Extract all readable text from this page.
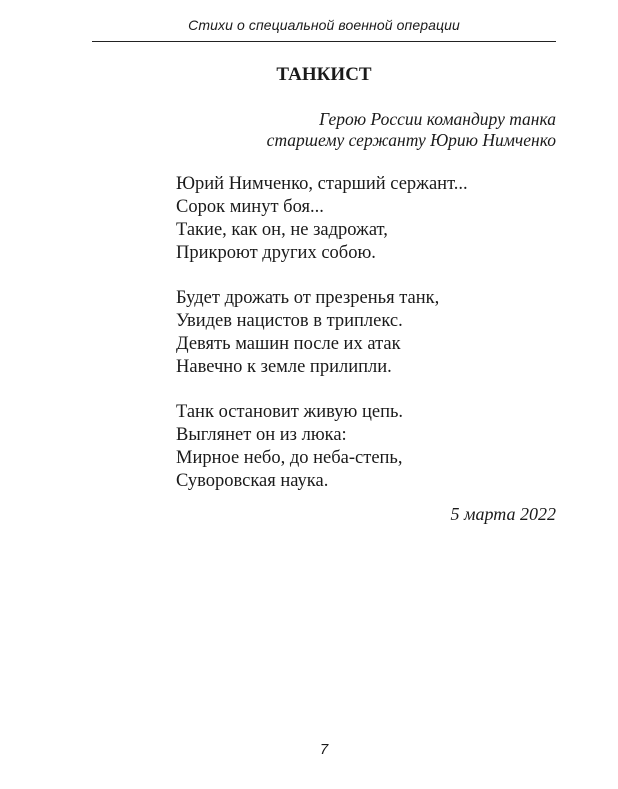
Стихи о специальной военной операции
ТАНКИСТ
Герою России командиру танка
старшему сержанту Юрию Нимченко
Юрий Нимченко, старший сержант...
Сорок минут боя...
Такие, как он, не задрожат,
Прикроют других собою.
Будет дрожать от презренья танк,
Увидев нацистов в триплекс.
Девять машин после их атак
Навечно к земле прилипли.
Танк остановит живую цепь.
Выглянет он из люка:
Мирное небо, до неба-степь,
Суворовская наука.
5 марта 2022
7
